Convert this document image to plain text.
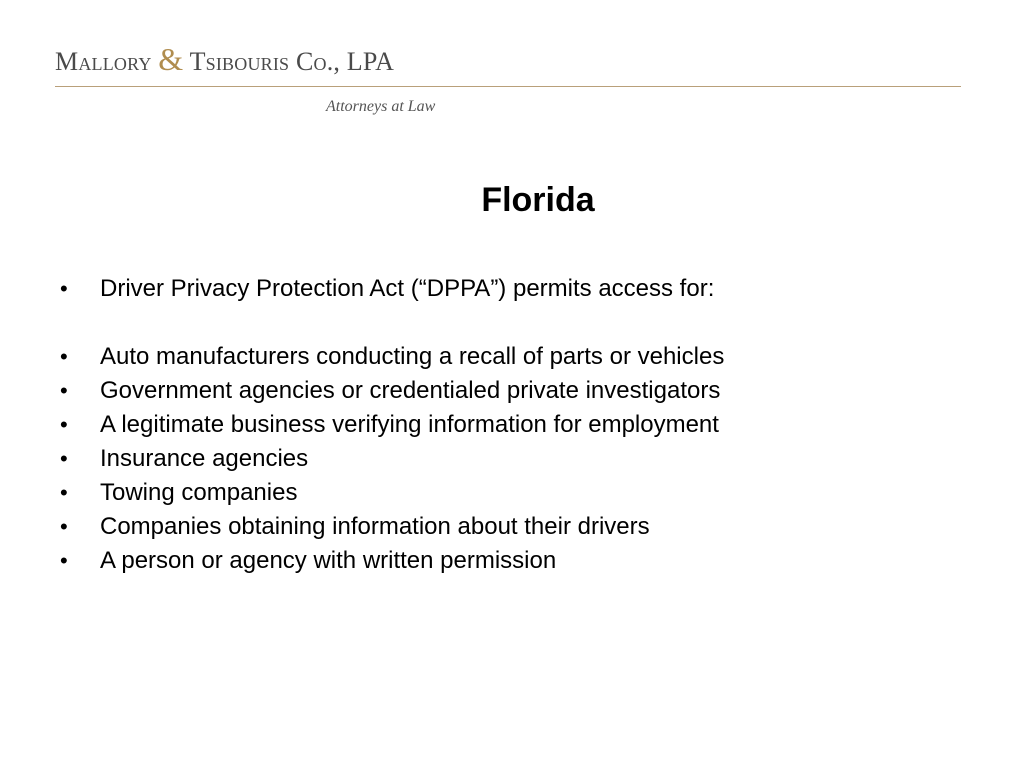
Mallory & Tsibouris Co., LPA
Attorneys at Law
Florida
•	Driver Privacy Protection Act (“DPPA”) permits access for:
•	Auto manufacturers conducting a recall of parts or vehicles
•	Government agencies or credentialed private investigators
•	A legitimate business verifying information for employment
•	Insurance agencies
•	Towing companies
•	Companies obtaining information about their drivers
•	A person or agency with written permission
